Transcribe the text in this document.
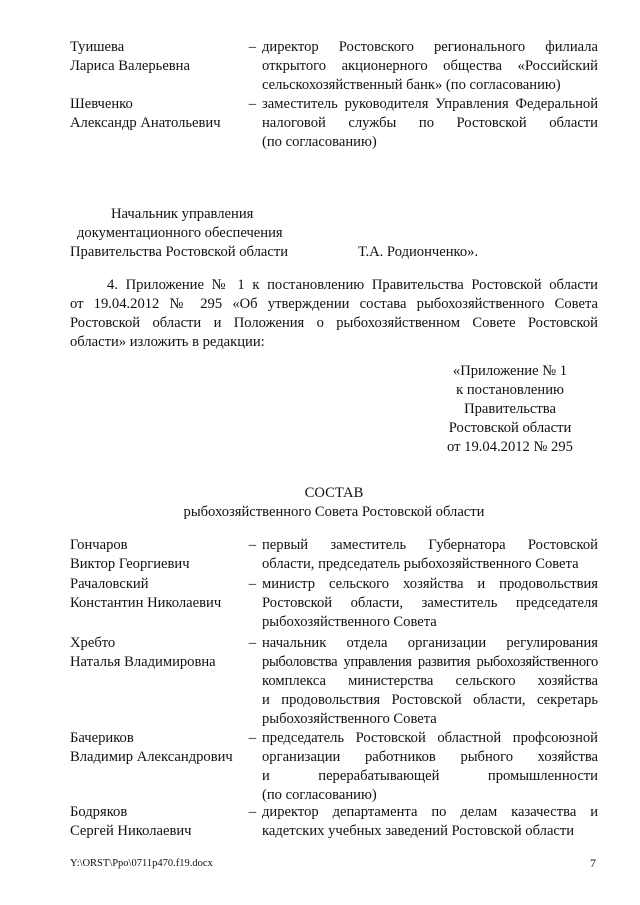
Туишева
Лариса Валерьевна
– директор Ростовского регионального филиала
открытого акционерного общества «Российский
сельскохозяйственный банк» (по согласованию)
Шевченко
Александр Анатольевич
– заместитель руководителя Управления Федеральной
налоговой службы по Ростовской области
(по согласованию)
Начальник управления
документационного обеспечения
Правительства Ростовской области	Т.А. Родионченко».
4. Приложение № 1 к постановлению Правительства Ростовской области
от 19.04.2012 № 295 «Об утверждении состава рыбохозяйственного Совета
Ростовской области и Положения о рыбохозяйственном Совете Ростовской
области» изложить в редакции:
«Приложение № 1
к постановлению
Правительства
Ростовской области
от 19.04.2012 № 295
СОСТАВ
рыбохозяйственного Совета Ростовской области
Гончаров
Виктор Георгиевич
– первый заместитель Губернатора Ростовской
области, председатель рыбохозяйственного Совета
Рачаловский
Константин Николаевич
– министр сельского хозяйства и продовольствия
Ростовской области, заместитель председателя
рыбохозяйственного Совета
Хребто
Наталья Владимировна
– начальник отдела организации регулирования
рыболовства управления развития рыбохозяйственного
комплекса министерства сельского хозяйства
и продовольствия Ростовской области, секретарь
рыбохозяйственного Совета
Бачериков
Владимир Александрович
– председатель Ростовской областной профсоюзной
организации работников рыбного хозяйства
и перерабатывающей промышленности
(по согласованию)
Бодряков
Сергей Николаевич
– директор департамента по делам казачества и
кадетских учебных заведений Ростовской области
Y:\ORST\Ppo\0711p470.f19.docx	7
